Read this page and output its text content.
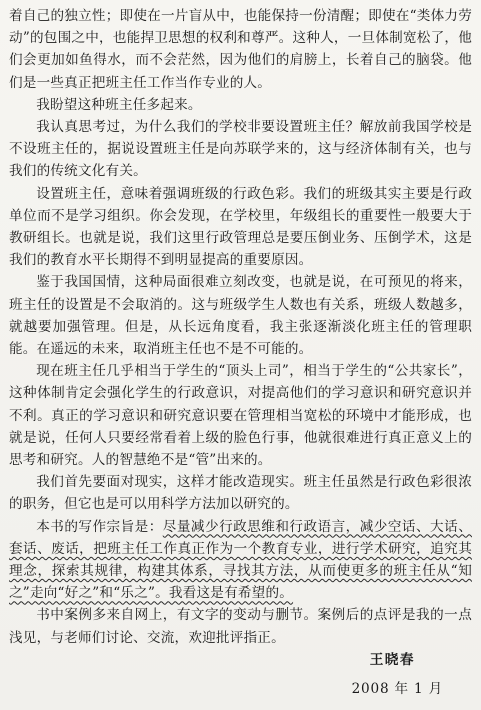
着自己的独立性；即使在一片盲从中，也能保持一份清醒；即使在“类体力劳动”的包围之中，也能捍卫思想的权利和尊严。这种人，一旦体制宽松了，他们会更加如鱼得水，而不会茫然，因为他们的肩膀上，长着自己的脑袋。他们是一些真正把班主任工作当作专业的人。

我盼望这种班主任多起来。

我认真思考过，为什么我们的学校非要设置班主任？解放前我国学校是不设班主任的，据说设置班主任是向苏联学来的，这与经济体制有关，也与我们的传统文化有关。

设置班主任，意味着强调班级的行政色彩。我们的班级其实主要是行政单位而不是学习组织。你会发现，在学校里，年级组长的重要性一般要大于教研组长。也就是说，我们这里行政管理总是要压倒业务、压倒学术，这是我们的教育水平长期得不到明显提高的重要原因。

鉴于我国国情，这种局面很难立刻改变，也就是说，在可预见的将来，班主任的设置是不会取消的。这与班级学生人数也有关系，班级人数越多，就越要加强管理。但是，从长远角度看，我主张逐渐淡化班主任的管理职能。在遥远的未来，取消班主任也不是不可能的。

现在班主任几乎相当于学生的“顶头上司”，相当于学生的“公共家长”，这种体制肯定会强化学生的行政意识，对提高他们的学习意识和研究意识并不利。真正的学习意识和研究意识要在管理相当宽松的环境中才能形成，也就是说，任何人只要经常看着上级的脸色行事，他就很难进行真正意义上的思考和研究。人的智慧绝不是“管”出来的。

我们首先要面对现实，这样才能改造现实。班主任虽然是行政色彩很浓的职务，但它也是可以用科学方法加以研究的。

本书的写作宗旨是：尽量减少行政思维和行政语言，减少空话、大话、套话、废话，把班主任工作真正作为一个教育专业，进行学术研究，追究其理念，探索其规律，构建其体系，寻找其方法，从而使更多的班主任从“知之”走向“好之”和“乐之”。我看这是有希望的。

书中案例多来自网上，有文字的变动与删节。案例后的点评是我的一点浅见，与老师们讨论、交流，欢迎批评指正。

王晓春
2008 年 1 月
